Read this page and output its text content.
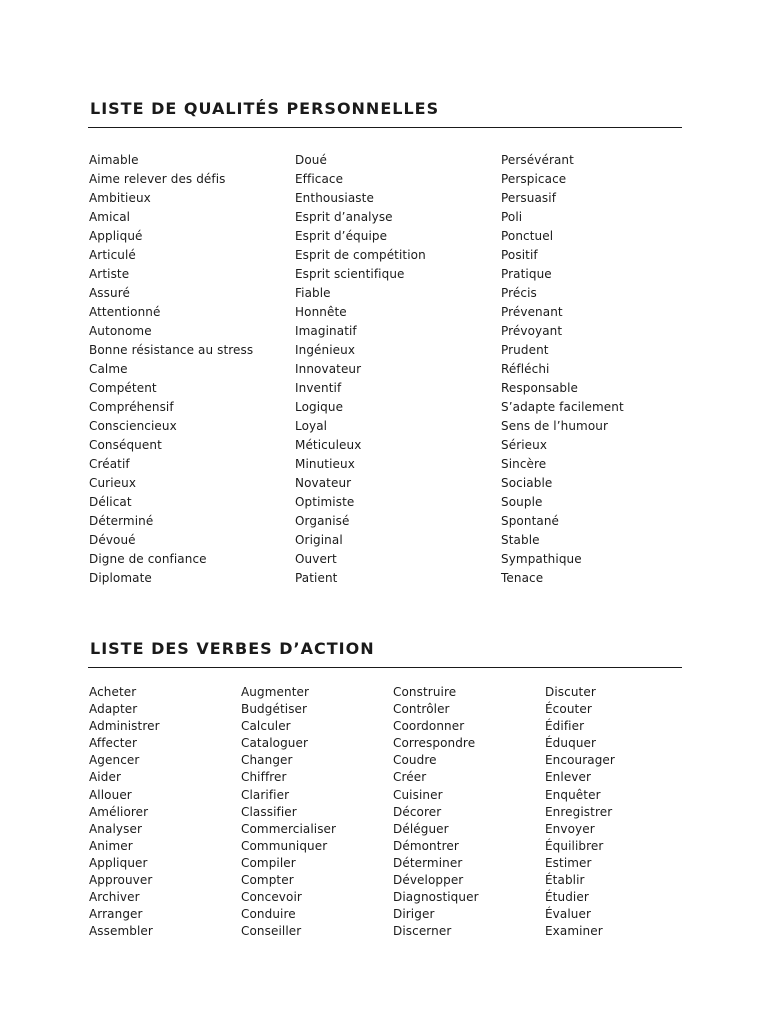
LISTE DE QUALITÉS PERSONNELLES
Aimable
Aime relever des défis
Ambitieux
Amical
Appliqué
Articulé
Artiste
Assuré
Attentionné
Autonome
Bonne résistance au stress
Calme
Compétent
Compréhensif
Consciencieux
Conséquent
Créatif
Curieux
Délicat
Déterminé
Dévoué
Digne de confiance
Diplomate
Doué
Efficace
Enthousiaste
Esprit d’analyse
Esprit d’équipe
Esprit de compétition
Esprit scientifique
Fiable
Honnête
Imaginatif
Ingénieux
Innovateur
Inventif
Logique
Loyal
Méticuleux
Minutieux
Novateur
Optimiste
Organisé
Original
Ouvert
Patient
Persévérant
Perspicace
Persuasif
Poli
Ponctuel
Positif
Pratique
Précis
Prévenant
Prévoyant
Prudent
Réfléchi
Responsable
S’adapte facilement
Sens de l’humour
Sérieux
Sincère
Sociable
Souple
Spontané
Stable
Sympathique
Tenace
LISTE DES VERBES D’ACTION
Acheter
Adapter
Administrer
Affecter
Agencer
Aider
Allouer
Améliorer
Analyser
Animer
Appliquer
Approuver
Archiver
Arranger
Assembler
Augmenter
Budgétiser
Calculer
Cataloguer
Changer
Chiffrer
Clarifier
Classifier
Commercialiser
Communiquer
Compiler
Compter
Concevoir
Conduire
Conseiller
Construire
Contrôler
Coordonner
Correspondre
Coudre
Créer
Cuisiner
Décorer
Déléguer
Démontrer
Déterminer
Développer
Diagnostiquer
Diriger
Discerner
Discuter
Écouter
Édifier
Éduquer
Encourager
Enlever
Enquêter
Enregistrer
Envoyer
Équilibrer
Estimer
Établir
Étudier
Évaluer
Examiner
